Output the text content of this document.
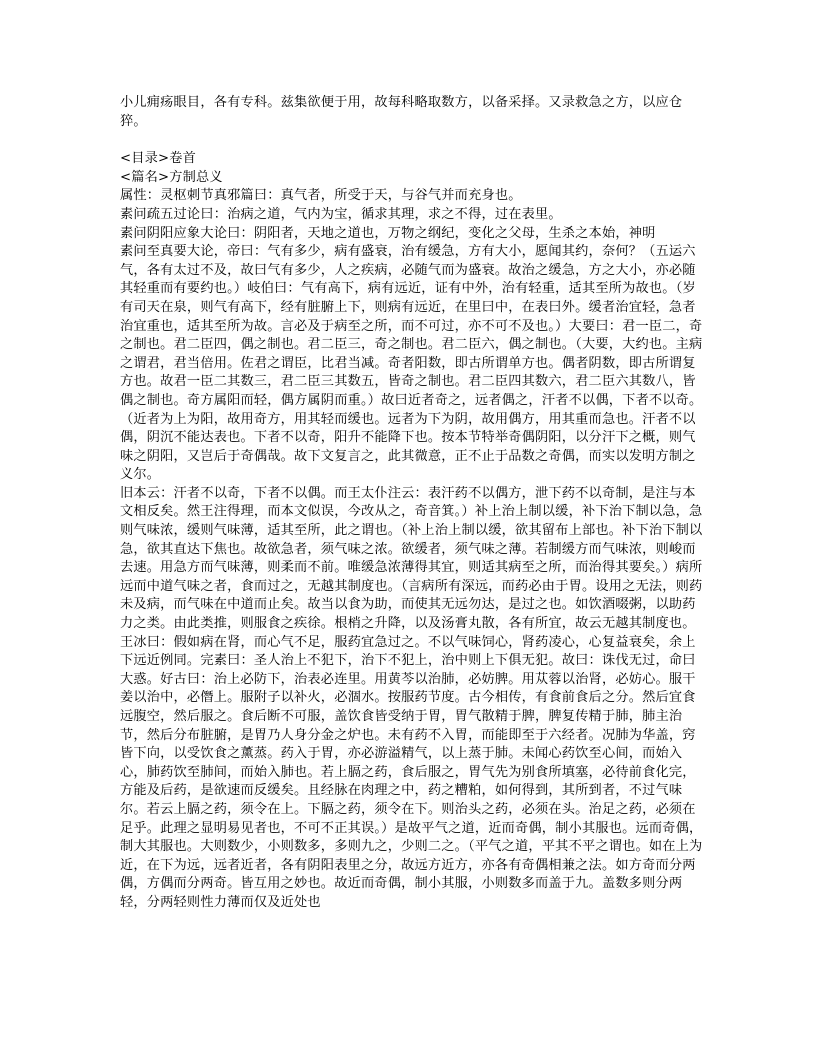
小儿痈疡眼目，各有专科。兹集欲便于用，故每科略取数方，以备采择。又录救急之方，以应仓猝。

<目录>卷首

<篇名>方制总义

属性：灵枢刺节真邪篇曰：真气者，所受于天，与谷气并而充身也。

素问疏五过论曰：治病之道，气内为宝，循求其理，求之不得，过在表里。

素问阴阳应象大论曰：阴阳者，天地之道也，万物之纲纪，变化之父母，生杀之本始，神明

素问至真要大论，帝曰：气有多少，病有盛衰，治有缓急，方有大小，愿闻其约，奈何？（五运六气，各有太过不及，故曰气有多少，人之疾病，必随气而为盛衰。故治之缓急，方之大小，亦必随其轻重而有要约也。）岐伯曰：气有高下，病有远近，证有中外，治有轻重，适其至所为故也。（岁有司天在泉，则气有高下，经有脏腑上下，则病有远近，在里曰中，在表曰外。缓者治宜轻，急者治宜重也，适其至所为故。言必及于病至之所，而不可过，亦不可不及也。）大要曰：君一臣二，奇之制也。君二臣四，偶之制也。君二臣三，奇之制也。君二臣六，偶之制也。（大要，大约也。主病之谓君，君当倍用。佐君之谓臣，比君当减。奇者阳数，即古所谓单方也。偶者阴数，即古所谓复方也。故君一臣二其数三，君二臣三其数五，皆奇之制也。君二臣四其数六，君二臣六其数八，皆偶之制也。奇方属阳而轻，偶方属阴而重。）故曰近者奇之，远者偶之，汗者不以偶，下者不以奇。（近者为上为阳，故用奇方，用其轻而缓也。远者为下为阴，故用偶方，用其重而急也。汗者不以偶，阴沉不能达表也。下者不以奇，阳升不能降下也。按本节特举奇偶阴阳，以分汗下之概，则气味之阴阳，又岂后于奇偶哉。故下文复言之，此其微意，正不止于品数之奇偶，而实以发明方制之义尔。

旧本云：汗者不以奇，下者不以偶。而王太仆注云：表汗药不以偶方，泄下药不以奇制，是注与本文相反矣。然王注得理，而本文似误，今改从之，奇音箕。）补上治上制以缓，补下治下制以急，急则气味浓，缓则气味薄，适其至所，此之谓也。（补上治上制以缓，欲其留布上部也。补下治下制以急，欲其直达下焦也。故欲急者，须气味之浓。欲缓者，须气味之薄。若制缓方而气味浓，则峻而去速。用急方而气味薄，则柔而不前。唯缓急浓薄得其宜，则适其病至之所，而治得其要矣。）病所远而中道气味之者，食而过之，无越其制度也。（言病所有深远，而药必由于胃。设用之无法，则药未及病，而气味在中道而止矣。故当以食为助，而使其无远勿达，是过之也。如饮酒啜粥，以助药力之类。由此类推，则服食之疾徐。根梢之升降，以及汤膏丸散，各有所宜，故云无越其制度也。王冰曰：假如病在肾，而心气不足，服药宜急过之。不以气味饲心，肾药凌心，心复益衰矣，余上下远近例同。完素曰：圣人治上不犯下，治下不犯上，治中则上下俱无犯。故曰：诛伐无过，命曰大惑。好古曰：治上必防下，治表必连里。用黄芩以治肺，必妨脾。用苁蓉以治肾，必妨心。服干姜以治中，必僭上。服附子以补火，必涸水。按服药节度。古今相传，有食前食后之分。然后宜食远腹空，然后服之。食后断不可服，盖饮食皆受纳于胃，胃气散精于脾，脾复传精于肺，肺主治节，然后分布脏腑，是胃乃人身分金之炉也。未有药不入胃，而能即至于六经者。况肺为华盖，窍皆下向，以受饮食之薰蒸。药入于胃，亦必游溢精气，以上蒸于肺。未闻心药饮至心间，而始入心，肺药饮至肺间，而始入肺也。若上膈之药，食后服之，胃气先为别食所填塞，必待前食化完，方能及后药，是欲速而反缓矣。且经脉在肉理之中，药之糟粕，如何得到，其所到者，不过气味尔。若云上膈之药，须令在上。下膈之药，须令在下。则治头之药，必须在头。治足之药，必须在足乎。此理之显明易见者也，不可不正其误。）是故平气之道，近而奇偶，制小其服也。远而奇偶，制大其服也。大则数少，小则数多，多则九之，少则二之。（平气之道，平其不平之谓也。如在上为近，在下为远，远者近者，各有阴阳表里之分，故远方近方，亦各有奇偶相兼之法。如方奇而分两偶，方偶而分两奇。皆互用之妙也。故近而奇偶，制小其服，小则数多而盖于九。盖数多则分两轻，分两轻则性力薄而仅及近处也
